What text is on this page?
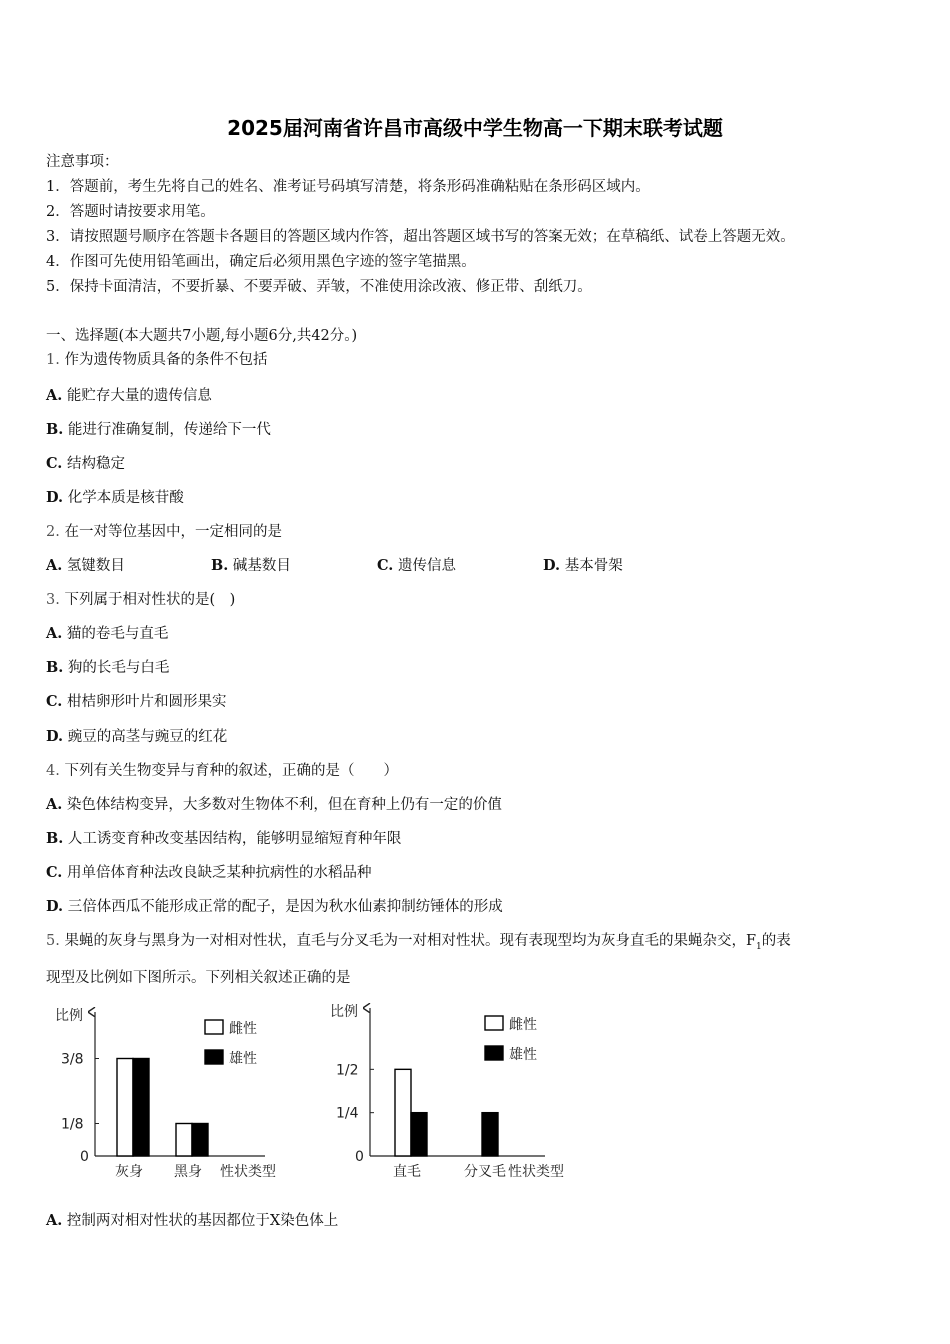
2025届河南省许昌市高级中学生物高一下期末联考试题
注意事项：
1．答题前，考生先将自己的姓名、准考证号码填写清楚，将条形码准确粘贴在条形码区域内。
2．答题时请按要求用笔。
3．请按照题号顺序在答题卡各题目的答题区域内作答，超出答题区域书写的答案无效；在草稿纸、试卷上答题无效。
4．作图可先使用铅笔画出，确定后必须用黑色字迹的签字笔描黑。
5．保持卡面清洁，不要折暴、不要弄破、弄皱，不准使用涂改液、修正带、刮纸刀。
一、选择题(本大题共7小题,每小题6分,共42分。)
1. 作为遗传物质具备的条件不包括
A. 能贮存大量的遗传信息
B. 能进行准确复制，传递给下一代
C. 结构稳定
D. 化学本质是核苷酸
2. 在一对等位基因中，一定相同的是
A. 氢键数目	B. 碱基数目	C. 遗传信息	D. 基本骨架
3. 下列属于相对性状的是(　)
A. 猫的卷毛与直毛
B. 狗的长毛与白毛
C. 柑桔卵形叶片和圆形果实
D. 豌豆的高茎与豌豆的红花
4. 下列有关生物变异与育种的叙述，正确的是（　　）
A. 染色体结构变异，大多数对生物体不利，但在育种上仍有一定的价值
B. 人工诱变育种改变基因结构，能够明显缩短育种年限
C. 用单倍体育种法改良缺乏某种抗病性的水稻品种
D. 三倍体西瓜不能形成正常的配子，是因为秋水仙素抑制纺锤体的形成
5. 果蝇的灰身与黑身为一对相对性状，直毛与分叉毛为一对相对性状。现有表现型均为灰身直毛的果蝇杂交，$F_1$的表
现型及比例如下图所示。下列相关叙述正确的是
比例
0
3/8
1/8
灰身 黑身 性状类型
雌性
雄性
比例
0
1/2
1/4
直毛	分叉毛 性状类型
雌性
雄性
A. 控制两对相对性状的基因都位于X染色体上
